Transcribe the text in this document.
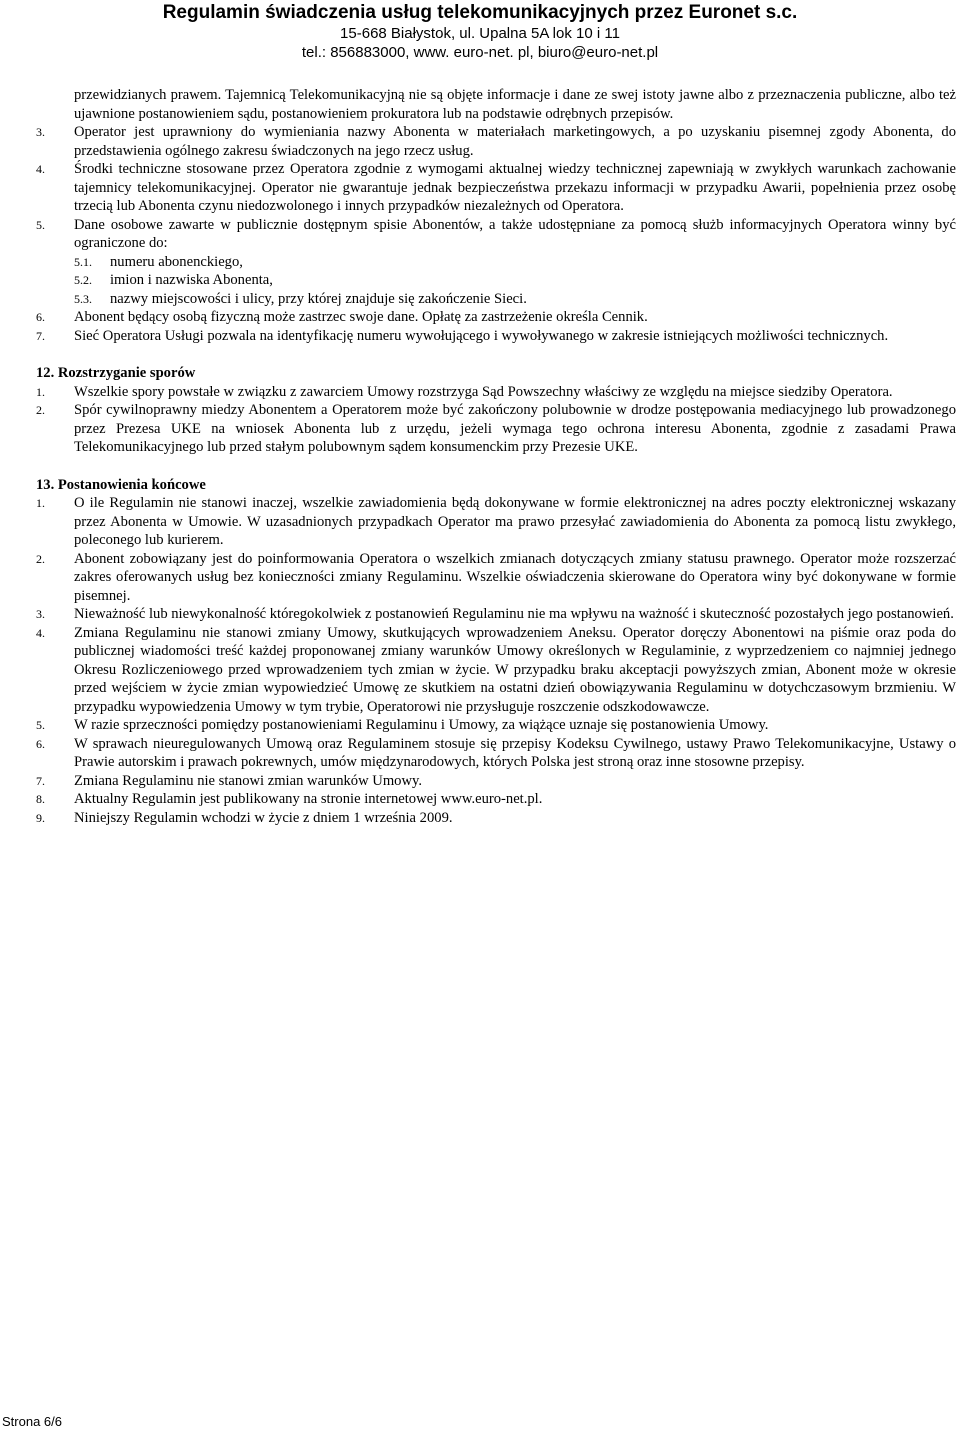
Regulamin świadczenia usług telekomunikacyjnych przez Euronet s.c.
15-668 Białystok, ul. Upalna 5A lok 10 i 11
tel.: 856883000, www. euro-net. pl, biuro@euro-net.pl

przewidzianych prawem. Tajemnicą Telekomunikacyjną nie są objęte informacje i dane ze swej istoty jawne albo z przeznaczenia publiczne, albo też ujawnione postanowieniem sądu, postanowieniem prokuratora lub na podstawie odrębnych przepisów.

3.	Operator jest uprawniony do wymieniania nazwy Abonenta w materiałach marketingowych, a po uzyskaniu pisemnej zgody Abonenta, do przedstawienia ogólnego zakresu świadczonych na jego rzecz usług.
4.	Środki techniczne stosowane przez Operatora zgodnie z wymogami aktualnej wiedzy technicznej zapewniają w zwykłych warunkach zachowanie tajemnicy telekomunikacyjnej. Operator nie gwarantuje jednak bezpieczeństwa przekazu informacji w przypadku Awarii, popełnienia przez osobę trzecią lub Abonenta czynu niedozwolonego i innych przypadków niezależnych od Operatora.
5.	Dane osobowe zawarte w publicznie dostępnym spisie Abonentów, a także udostępniane za pomocą służb informacyjnych Operatora winny być ograniczone do:
5.1. numeru abonenckiego,
5.2. imion i nazwiska Abonenta,
5.3. nazwy miejscowości i ulicy, przy której znajduje się zakończenie Sieci.
6.	Abonent będący osobą fizyczną może zastrzec swoje dane. Opłatę za zastrzeżenie określa Cennik.
7.	Sieć Operatora Usługi pozwala na identyfikację numeru wywołującego i wywoływanego w zakresie istniejących możliwości technicznych.
12. Rozstrzyganie sporów
1.	Wszelkie spory powstałe w związku z zawarciem Umowy rozstrzyga Sąd Powszechny właściwy ze względu na miejsce siedziby Operatora.
2.	Spór cywilnoprawny miedzy Abonentem a Operatorem może być zakończony polubownie w drodze postępowania mediacyjnego lub prowadzonego przez Prezesa UKE na wniosek Abonenta lub z urzędu, jeżeli wymaga tego ochrona interesu Abonenta, zgodnie z zasadami Prawa Telekomunikacyjnego lub przed stałym polubownym sądem konsumenckim przy Prezesie UKE.
13. Postanowienia końcowe
1.	O ile Regulamin nie stanowi inaczej, wszelkie zawiadomienia będą dokonywane w formie elektronicznej na adres poczty elektronicznej wskazany przez Abonenta w Umowie. W uzasadnionych przypadkach Operator ma prawo przesyłać zawiadomienia do Abonenta za pomocą listu zwykłego, poleconego lub kurierem.
2.	Abonent zobowiązany jest do poinformowania Operatora o wszelkich zmianach dotyczących zmiany statusu prawnego. Operator może rozszerzać zakres oferowanych usług bez konieczności zmiany Regulaminu. Wszelkie oświadczenia skierowane do Operatora winy być dokonywane w formie pisemnej.
3.	Nieważność lub niewykonalność któregokolwiek z postanowień Regulaminu nie ma wpływu na ważność i skuteczność pozostałych jego postanowień.
4.	Zmiana Regulaminu nie stanowi zmiany Umowy, skutkujących wprowadzeniem Aneksu. Operator doręczy Abonentowi na piśmie oraz poda do publicznej wiadomości treść każdej proponowanej zmiany warunków Umowy określonych w Regulaminie, z wyprzedzeniem co najmniej jednego Okresu Rozliczeniowego przed wprowadzeniem tych zmian w życie. W przypadku braku akceptacji powyższych zmian, Abonent może w okresie przed wejściem w życie zmian wypowiedzieć Umowę ze skutkiem na ostatni dzień obowiązywania Regulaminu w dotychczasowym brzmieniu. W przypadku wypowiedzenia Umowy w tym trybie, Operatorowi nie przysługuje roszczenie odszkodowawcze.
5.	W razie sprzeczności pomiędzy postanowieniami Regulaminu i Umowy, za wiążące uznaje się postanowienia Umowy.
6.	W sprawach nieuregulowanych Umową oraz Regulaminem stosuje się przepisy Kodeksu Cywilnego, ustawy Prawo Telekomunikacyjne, Ustawy o Prawie autorskim i prawach pokrewnych, umów międzynarodowych, których Polska jest stroną oraz inne stosowne przepisy.
7.	Zmiana Regulaminu nie stanowi zmian warunków Umowy.
8.	Aktualny Regulamin jest publikowany na stronie internetowej www.euro-net.pl.
9.	Niniejszy Regulamin wchodzi w życie z dniem 1 września 2009.
Strona 6/6
